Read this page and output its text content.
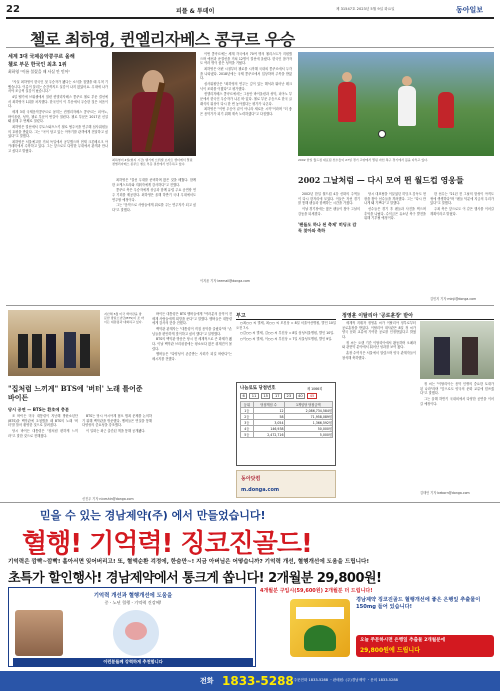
22	피플 & 투데이	제 31547호 2023년 5월 9일 화요일	동아일보
첼로 최하영, 퀸엘리자베스 콩쿠르 우승
세계 3대 국제음악콩쿠르 올해
첼로 부문 한국인 최초 1위
최하영 "이름 불렸을 때 사실 안 믿어"

"사실 최하영이 한국인 첫 우승자가 됐다는 소식을 접했을 때 무척 기뻤습니다. 이름이 불리는 순간까지도 실감이 나지 않았어요. 무대에 나가서야 조금씩 실감이 났습니다."

4일 벨기에 브뤼셀에서 열린 퀸엘리자베스 콩쿠르 첼로 부문 결선에서 최하영이 1위를 차지했다. 한국인이 이 부문에서 우승한 것은 처음이다.

세계 3대 국제음악콩쿠르로 꼽히는 퀸엘리자베스 콩쿠르는 피아노, 바이올린, 성악, 첼로 부문이 번갈아 열린다. 첼로 부문은 2017년 신설돼 올해 두 번째로 열렸다.

최하영은 결선에서 루토스와프스키 첼로 협주곡을 연주해 심사위원들의 호평을 받았다. 그는 "곡이 담고 있는 이야기를 관객에게 전달하고 싶었다"고 말했다.

최하영은 서울예고를 거쳐 독일에서 공부했으며 현재 크론베르크 아카데미에서 수학하고 있다. 그는 앞으로도 다양한 무대에서 관객과 만나고 싶다고 밝혔다.

최하영이 4일(현지 시간) 벨기에 브뤼셀 보자르 센터에서 열린 퀸엘리자베스 콩쿠르 첼로 부문 결선에서 연주하고 있다.

최하영은 "결선 무대를 준비하며 많은 것을 배웠다. 함께한 오케스트라와 지휘자에게 감사하다"고 전했다.

콩쿠르 측은 우승자에게 상금과 함께 유럽 주요 공연장 연주 기회를 제공한다. 최하영은 올해 하반기 국내 무대에서도 연주할 예정이다.

그는 "음악으로 사람들에게 위로를 주는 연주자가 되고 싶다"고 말했다.

이번 콩쿠르에는 세계 각국에서 70여 명의 첼리스트가 지원했으며 예선과 준결선을 거쳐 12명이 결선에 올랐다. 한국인 참가자도 여러 명이 좋은 성적을 거뒀다.

최하영은 어린 시절부터 첼로를 시작해 국내외 콩쿠르에서 두각을 나타냈다. 2018년에는 국제 콩쿠르에서 입상하며 주목을 받았다.

심사위원단은 "최하영의 연주는 깊이 있는 해석과 뛰어난 테크닉이 조화를 이뤘다"고 평가했다.

퀸엘리자베스 콩쿠르에서는 그동안 바이올린과 성악, 피아노 부문에서 한국인 우승자가 나온 바 있다. 첼로 부문 우승으로 한국 클래식의 위상이 다시 한 번 높아졌다는 평가가 나온다.

최하영은 "이번 우승이 끝이 아니라 새로운 시작"이라며 "더 좋은 음악가가 되기 위해 계속 노력하겠다"고 다짐했다.

이지윤 기자 leemail@donga.com
2002 한일 월드컵 대표팀 선수들이 27일 경기 고양에서 열린 자선 축구 경기에서 볼을 다투고 있다.
2002 그날처럼 — 다시 모여 뛴 월드컵 영웅들
'팬들도 하나 된 축제' 히딩크 감독 찾아와 축하

2002년 한일 월드컵 4강 신화의 주역들이 다시 한자리에 모였다. 이들은 자선 경기를 통해 팬들과 함께하는 시간을 가졌다.

이날 경기장에는 많은 팬들이 찾아 그날의 감동을 되새겼다.

당시 대표팀을 이끌었던 히딩크 감독도 현장을 찾아 선수들을 격려했다. 그는 "다시 만나게 돼 기쁘다"고 말했다.

선수들은 경기 후 팬들과 사진을 찍으며 추억을 나눴다. 수익금은 유소년 축구 발전을 위해 기부될 예정이다.

한 선수는 "21년 전 그날의 함성이 아직도 귀에 생생하다"며 "팬들 덕분에 지금의 우리가 있다"고 말했다.

주최 측은 앞으로도 이 같은 행사를 이어갈 계획이라고 밝혔다.

김민지 기자 minji@donga.com
지난해 5월 미국 백악관을 방문한 방탄소년단(BTS)이 조 바이든 대통령과 대화하고 있다.
"집처럼 느끼게" BTS에 '버터' 노래 틀어준 바이든
당시 공연 — BTS는 환호에 충분

조 바이든 미국 대통령이 지난해 방탄소년단(BTS)을 백악관에 초청했을 때 BTS의 노래 '버터'를 틀어 환영한 것으로 알려졌다.

당시 바이든 대통령은 "집처럼 편하게 느끼라"고 말한 것으로 전해졌다.

BTS는 당시 아시아계 혐오 범죄 문제를 논의하기 위해 백악관을 방문했다. 멤버들은 연설을 통해 다양성의 중요성을 강조했다.

이 일화는 최근 출간된 책을 통해 공개됐다.

신진우 기자 niceshin@donga.com

바이든 대통령은 BTS 멤버들에게 "여러분의 음악이 전 세계 사람들에게 희망을 준다"고 말했다. 멤버들은 대통령에게 감사의 뜻을 전했다.

백악관 관계자는 "대통령이 직접 음악을 골랐다"며 "손님들을 편안하게 맞이하고 싶어 했다"고 설명했다.

BTS의 백악관 방문은 당시 전 세계적으로 큰 화제가 됐다. 이날 백악관 브리핑룸에는 평소보다 많은 취재진이 몰렸다.

멤버들은 "다양성이 존중받는 사회가 되길 바란다"는 메시지를 전했다.

부고

○최○○ 씨 별세, 최○○ 씨 모친상 = 8일 서울아산병원, 발인 10일 오전 7시.

○김○○ 씨 별세, 김○○ 씨 부친상 = 8일 삼성서울병원, 발인 10일.

○이○○ 씨 별세, 이○○ 씨 부친상 = 7일 서울성모병원, 발인 9일.

나눔로또 당첨번호	제 1066회
6	11	15	17	23	40	45
등위	당첨게임 수	1게임당 당첨금액
1등	12	2,086,734,584원
2등	58	71,958,089원
3등	3,054	1,366,592원
4등	146,938	50,000원
5등	2,472,716	5,000원
동아닷컴
m.donga.com
정영훈 이탈리아 '공로훈장' 받아

세계적 지휘자 정영훈 씨가 이탈리아 정부로부터 공로훈장을 받았다. 이탈리아 대사관은 8일 정 씨가 양국 문화 교류에 기여한 공로를 인정받았다고 밝혔다.

정 씨는 오랜 기간 이탈리아에서 활동하며 오페라와 관현악 분야에서 뛰어난 성과를 보여 왔다.

훈장 수여식은 서울에서 열렸으며 양국 관계자들이 참석해 축하했다.

정 씨는 "이탈리아는 음악 인생의 중요한 토대가 된 나라"라며 "앞으로도 양국의 문화 교류에 힘쓰겠다"고 말했다.

그는 올해 하반기 국내외에서 다양한 공연을 이어갈 예정이다.

김태언 기자 beborn@donga.com
믿을 수 있는 경남제약(주) 에서 만들었습니다!
혈행! 기억력! 징코진골드!
기억력은 깜빡~깜빡! 홀아서면 잊어버리고! 또, 혈액순환 걱정에, 한숨만~! 지금 아버님은 어떻습니까? 기억력 개선, 혈행개선에 도움을 드립니다!
초특가 할인행사! 경남제약에서 통크게 쏩니다! 2개월분 29,800원!
4개월분 구입시(59,600원) 2개월분 더 드립니다!
경남제약 징코진골드 혈행개선에 좋은 은행잎 추출물이 150mg 들어 있습니다!
오늘 주문하시면 은행잎 추출물 2개월분에
29,800원에 드립니다
기억력 개선과 혈행개선에 도움을
중ㆍ노년 혈행ㆍ기억력 건강에!
이런분들께 강력하게 추천합니다
전화 1833-5288
ㆍ주문전화 1833-5288 ㆍ판매원: (주)경남제약 ㆍ문의 1833-5288
